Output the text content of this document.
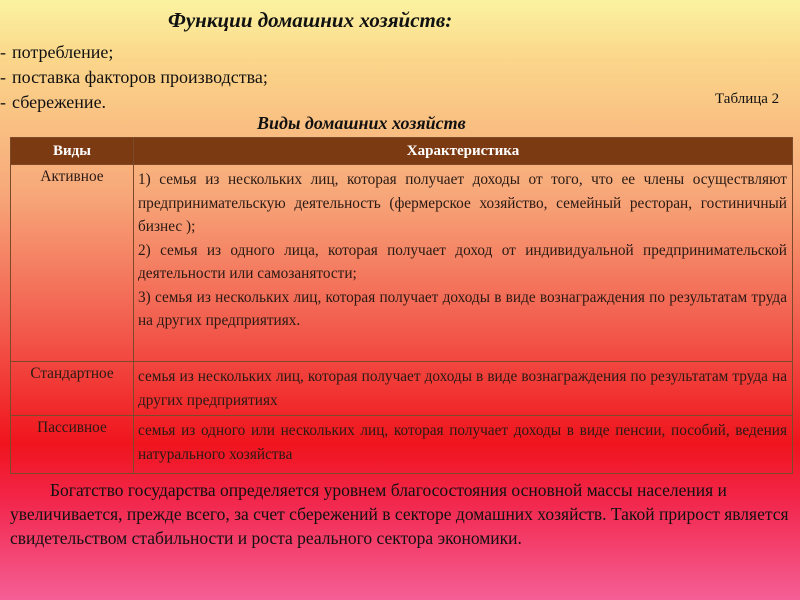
Функции домашних хозяйств:
- потребление;
- поставка факторов производства;
- сбережение.	Таблица 2
Виды домашних хозяйств
Виды	Характеристика
Активное	1) семья из нескольких лиц, которая получает доходы от того, что ее члены осуществляют предпринимательскую деятельность (фермерское хозяйство, семейный ресторан, гостиничный бизнес );
2) семья из одного лица, которая получает доход от индивидуальной предпринимательской деятельности или самозанятости;
3) семья из нескольких лиц, которая получает доходы в виде вознаграждения по результатам труда на других предприятиях.
Стандартное	семья из нескольких лиц, которая получает доходы в виде вознаграждения по результатам труда на других предприятиях
Пассивное	семья из одного или нескольких лиц, которая получает доходы в виде пенсии, пособий, ведения натурального хозяйства

Богатство государства определяется уровнем благосостояния основной массы населения и увеличивается, прежде всего, за счет сбережений в секторе домашних хозяйств. Такой прирост является свидетельством стабильности и роста реального сектора экономики.
